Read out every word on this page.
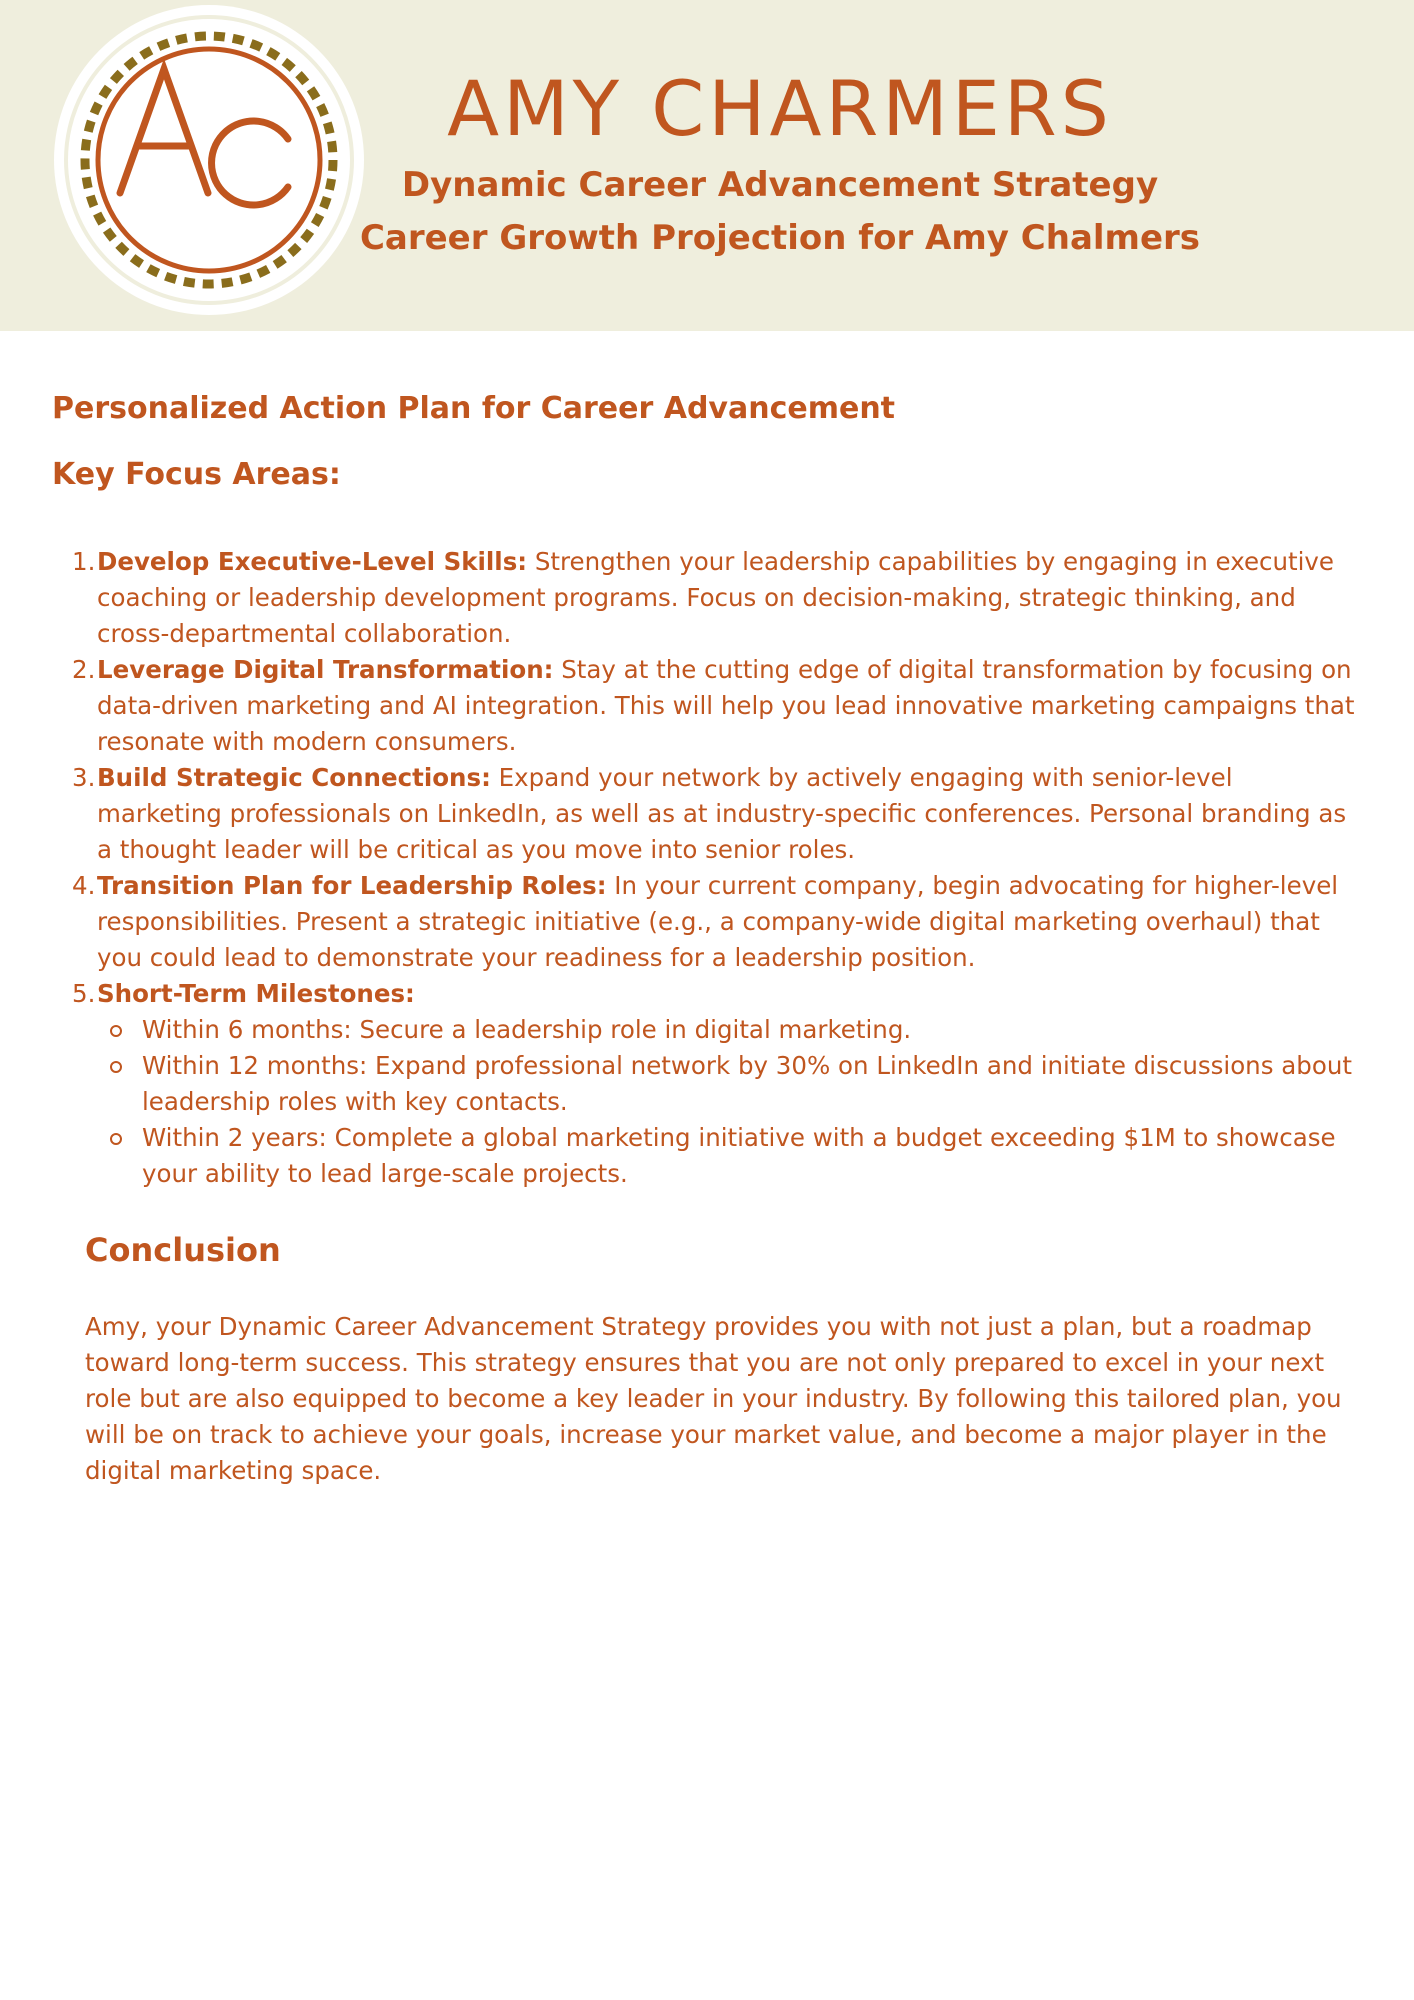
AMY CHARMERS
Dynamic Career Advancement Strategy
Career Growth Projection for Amy Chalmers
Personalized Action Plan for Career Advancement
Key Focus Areas:
1. Develop Executive-Level Skills: Strengthen your leadership capabilities by engaging in executive coaching or leadership development programs. Focus on decision-making, strategic thinking, and cross-departmental collaboration.
2. Leverage Digital Transformation: Stay at the cutting edge of digital transformation by focusing on data-driven marketing and AI integration. This will help you lead innovative marketing campaigns that resonate with modern consumers.
3. Build Strategic Connections: Expand your network by actively engaging with senior-level marketing professionals on LinkedIn, as well as at industry-specific conferences. Personal branding as a thought leader will be critical as you move into senior roles.
4. Transition Plan for Leadership Roles: In your current company, begin advocating for higher-level responsibilities. Present a strategic initiative (e.g., a company-wide digital marketing overhaul) that you could lead to demonstrate your readiness for a leadership position.
5. Short-Term Milestones:
Within 6 months: Secure a leadership role in digital marketing.
Within 12 months: Expand professional network by 30% on LinkedIn and initiate discussions about leadership roles with key contacts.
Within 2 years: Complete a global marketing initiative with a budget exceeding $1M to showcase your ability to lead large-scale projects.
Conclusion

Amy, your Dynamic Career Advancement Strategy provides you with not just a plan, but a roadmap toward long-term success. This strategy ensures that you are not only prepared to excel in your next role but are also equipped to become a key leader in your industry. By following this tailored plan, you will be on track to achieve your goals, increase your market value, and become a major player in the digital marketing space.
